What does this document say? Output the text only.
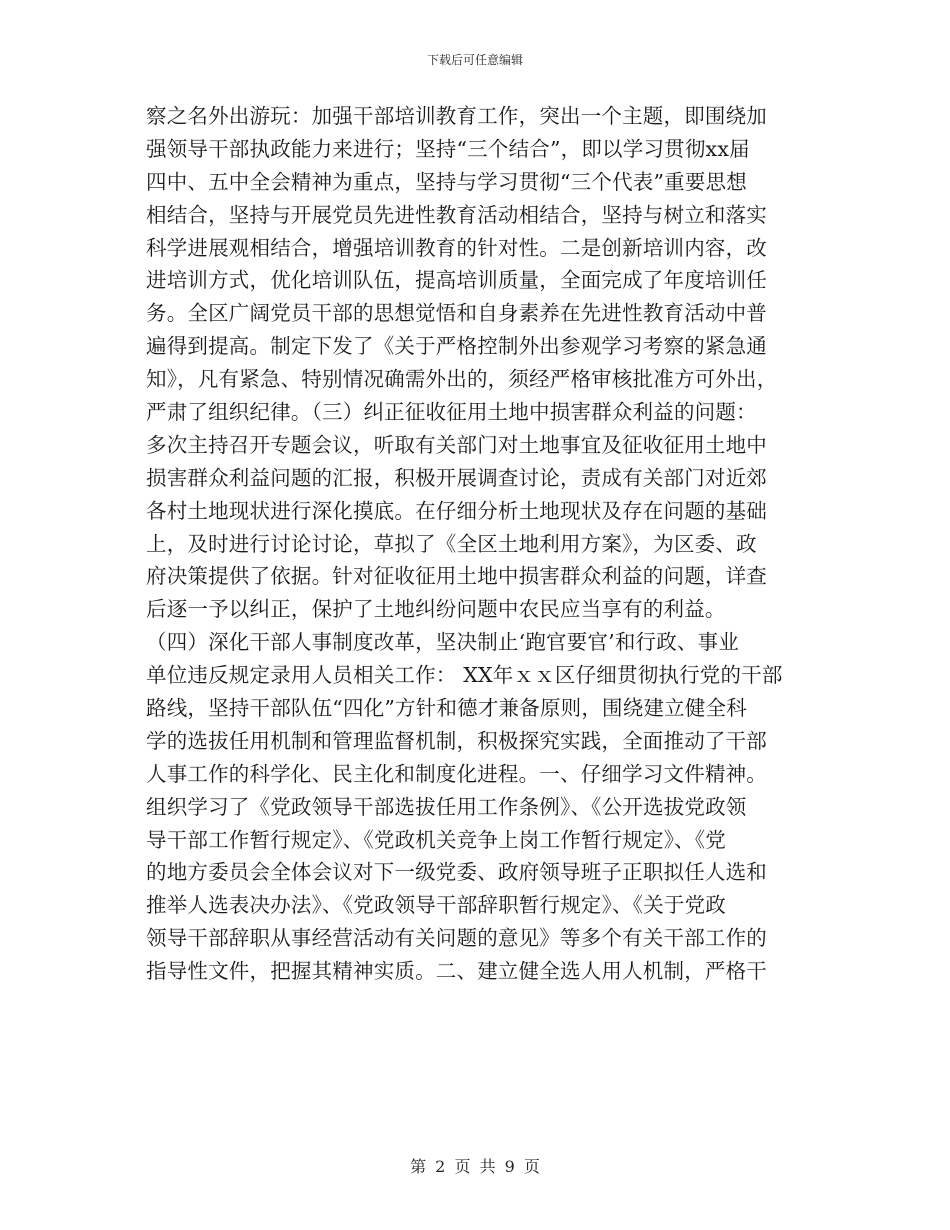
下载后可任意编辑
察之名外出游玩：加强干部培训教育工作，突出一个主题，即围绕加
强领导干部执政能力来进行；坚持“三个结合”，即以学习贯彻xx届
四中、五中全会精神为重点，坚持与学习贯彻“三个代表”重要思想
相结合，坚持与开展党员先进性教育活动相结合，坚持与树立和落实
科学进展观相结合，增强培训教育的针对性。二是创新培训内容，改
进培训方式，优化培训队伍，提高培训质量，全面完成了年度培训任
务。全区广阔党员干部的思想觉悟和自身素养在先进性教育活动中普
遍得到提高。制定下发了《关于严格控制外出参观学习考察的紧急通
知》，凡有紧急、特别情况确需外出的，须经严格审核批准方可外出，
严肃了组织纪律。（三）纠正征收征用土地中损害群众利益的问题：
多次主持召开专题会议，听取有关部门对土地事宜及征收征用土地中
损害群众利益问题的汇报，积极开展调查讨论，责成有关部门对近郊
各村土地现状进行深化摸底。在仔细分析土地现状及存在问题的基础
上，及时进行讨论讨论，草拟了《全区土地利用方案》，为区委、政
府决策提供了依据。针对征收征用土地中损害群众利益的问题，详查
后逐一予以纠正，保护了土地纠纷问题中农民应当享有的利益。
（四）深化干部人事制度改革，坚决制止‘跑官要官’和行政、事业
单位违反规定录用人员相关工作： XX年ｘｘ区仔细贯彻执行党的干部
路线，坚持干部队伍“四化”方针和德才兼备原则，围绕建立健全科
学的选拔任用机制和管理监督机制，积极探究实践，全面推动了干部
人事工作的科学化、民主化和制度化进程。一、仔细学习文件精神。
组织学习了《党政领导干部选拔任用工作条例》、《公开选拔党政领
导干部工作暂行规定》、《党政机关竞争上岗工作暂行规定》、《党
的地方委员会全体会议对下一级党委、政府领导班子正职拟任人选和
推举人选表决办法》、《党政领导干部辞职暂行规定》、《关于党政
领导干部辞职从事经营活动有关问题的意见》等多个有关干部工作的
指导性文件，把握其精神实质。二、建立健全选人用人机制，严格干
第 2 页 共 9 页
